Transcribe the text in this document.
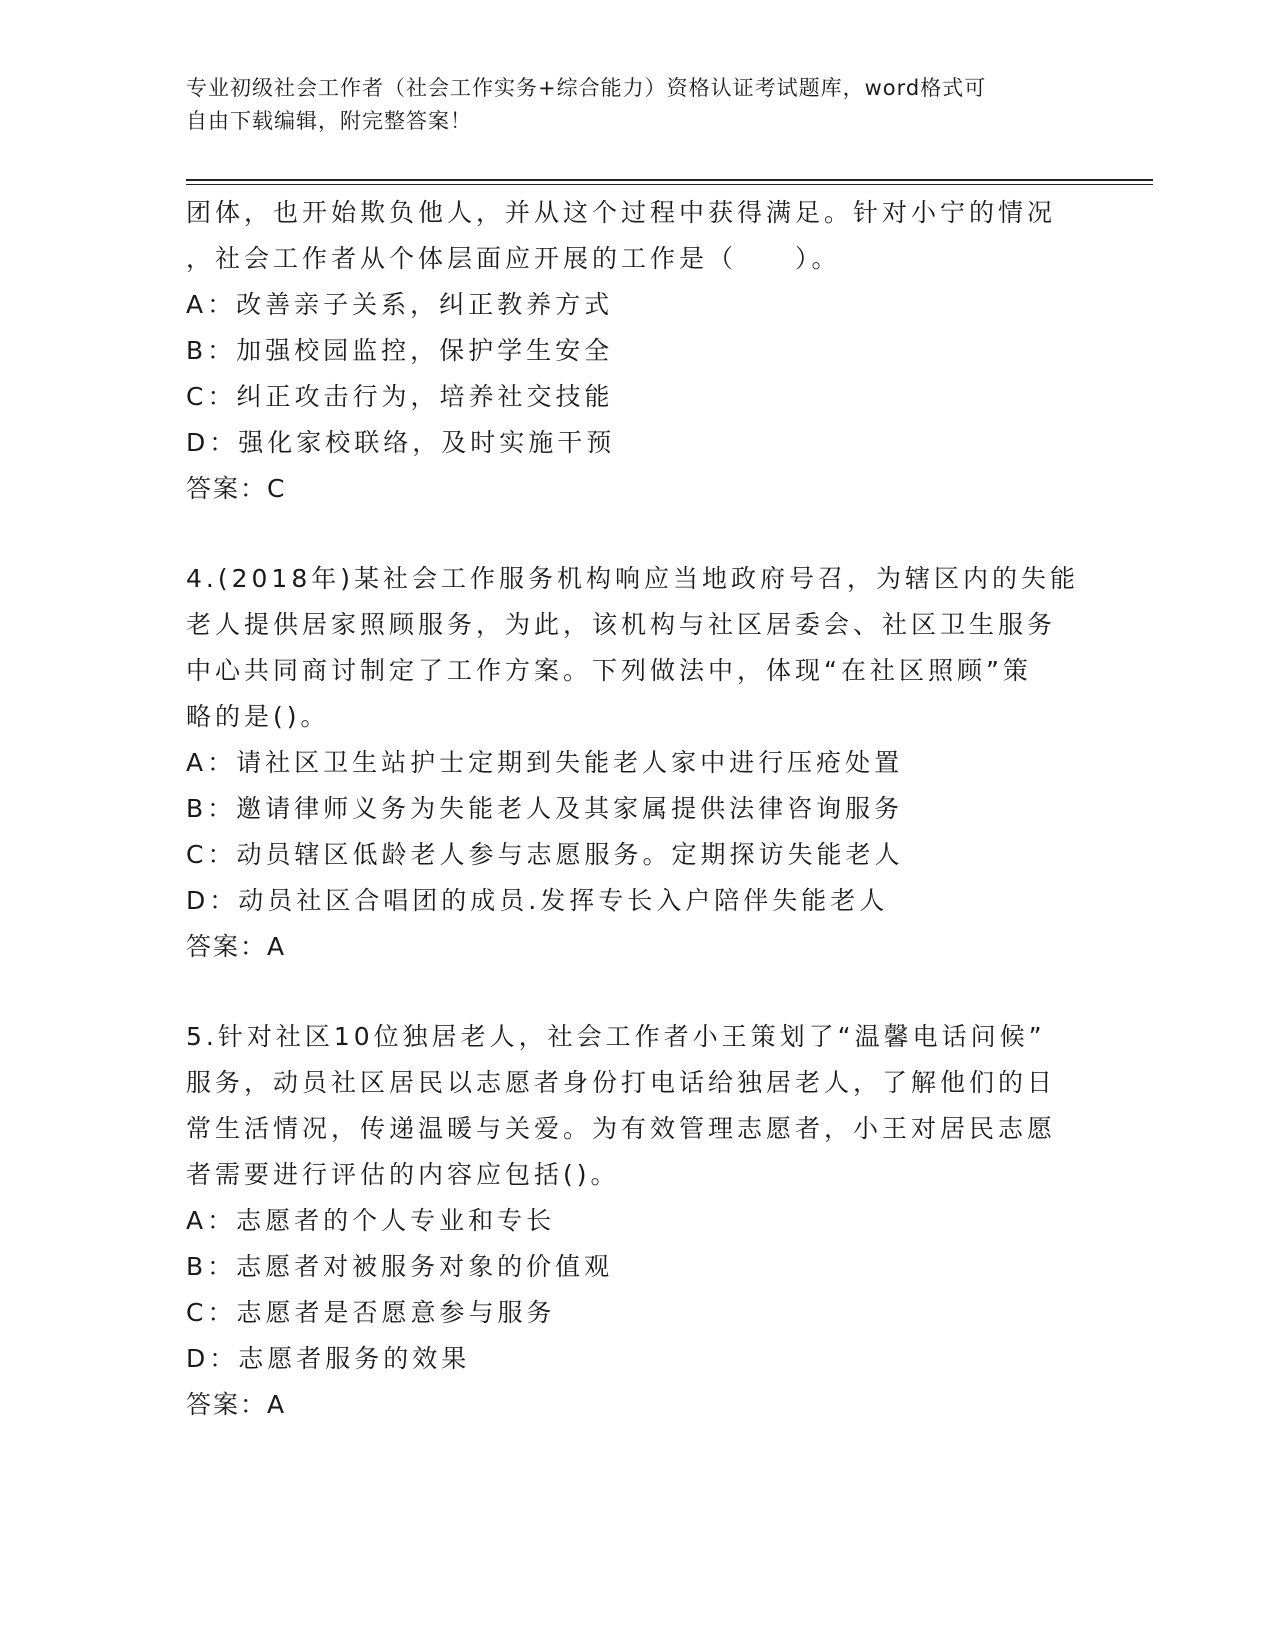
专业初级社会工作者（社会工作实务+综合能力）资格认证考试题库，word格式可
自由下载编辑，附完整答案！
团体，也开始欺负他人，并从这个过程中获得满足。针对小宁的情况
，社会工作者从个体层面应开展的工作是（　　）。
A：改善亲子关系，纠正教养方式
B：加强校园监控，保护学生安全
C：纠正攻击行为，培养社交技能
D：强化家校联络，及时实施干预
答案：C
4.(2018年)某社会工作服务机构响应当地政府号召，为辖区内的失能
老人提供居家照顾服务，为此，该机构与社区居委会、社区卫生服务
中心共同商讨制定了工作方案。下列做法中，体现“在社区照顾”策
略的是()。
A：请社区卫生站护士定期到失能老人家中进行压疮处置
B：邀请律师义务为失能老人及其家属提供法律咨询服务
C：动员辖区低龄老人参与志愿服务。定期探访失能老人
D：动员社区合唱团的成员.发挥专长入户陪伴失能老人
答案：A
5.针对社区10位独居老人，社会工作者小王策划了“温馨电话问候”
服务，动员社区居民以志愿者身份打电话给独居老人，了解他们的日
常生活情况，传递温暖与关爱。为有效管理志愿者，小王对居民志愿
者需要进行评估的内容应包括()。
A：志愿者的个人专业和专长
B：志愿者对被服务对象的价值观
C：志愿者是否愿意参与服务
D：志愿者服务的效果
答案：A
